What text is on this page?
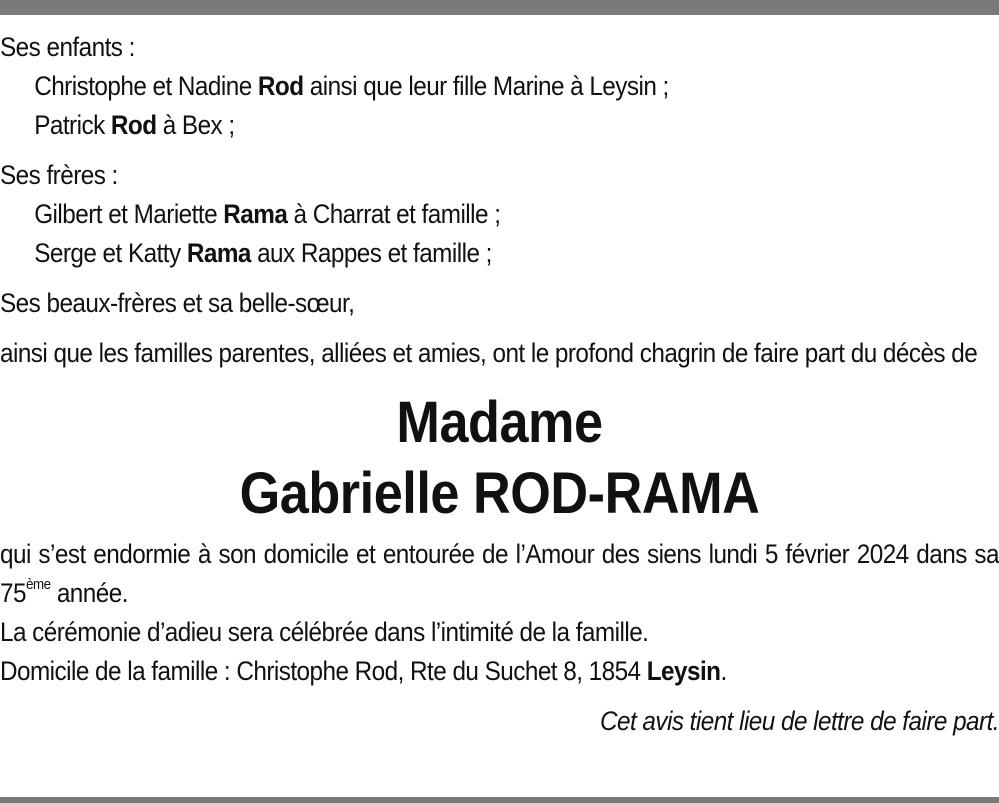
Ses enfants :
Christophe et Nadine Rod ainsi que leur fille Marine à Leysin ;
Patrick Rod à Bex ;
Ses frères :
Gilbert et Mariette Rama à Charrat et famille ;
Serge et Katty Rama aux Rappes et famille ;
Ses beaux-frères et sa belle-sœur,
ainsi que les familles parentes, alliées et amies, ont le profond chagrin de faire part du décès de
Madame
Gabrielle ROD-RAMA
qui s’est endormie à son domicile et entourée de l’Amour des siens lundi 5 février 2024 dans sa 75ème année.
La cérémonie d’adieu sera célébrée dans l’intimité de la famille.
Domicile de la famille : Christophe Rod, Rte du Suchet 8, 1854 Leysin.
Cet avis tient lieu de lettre de faire part.
